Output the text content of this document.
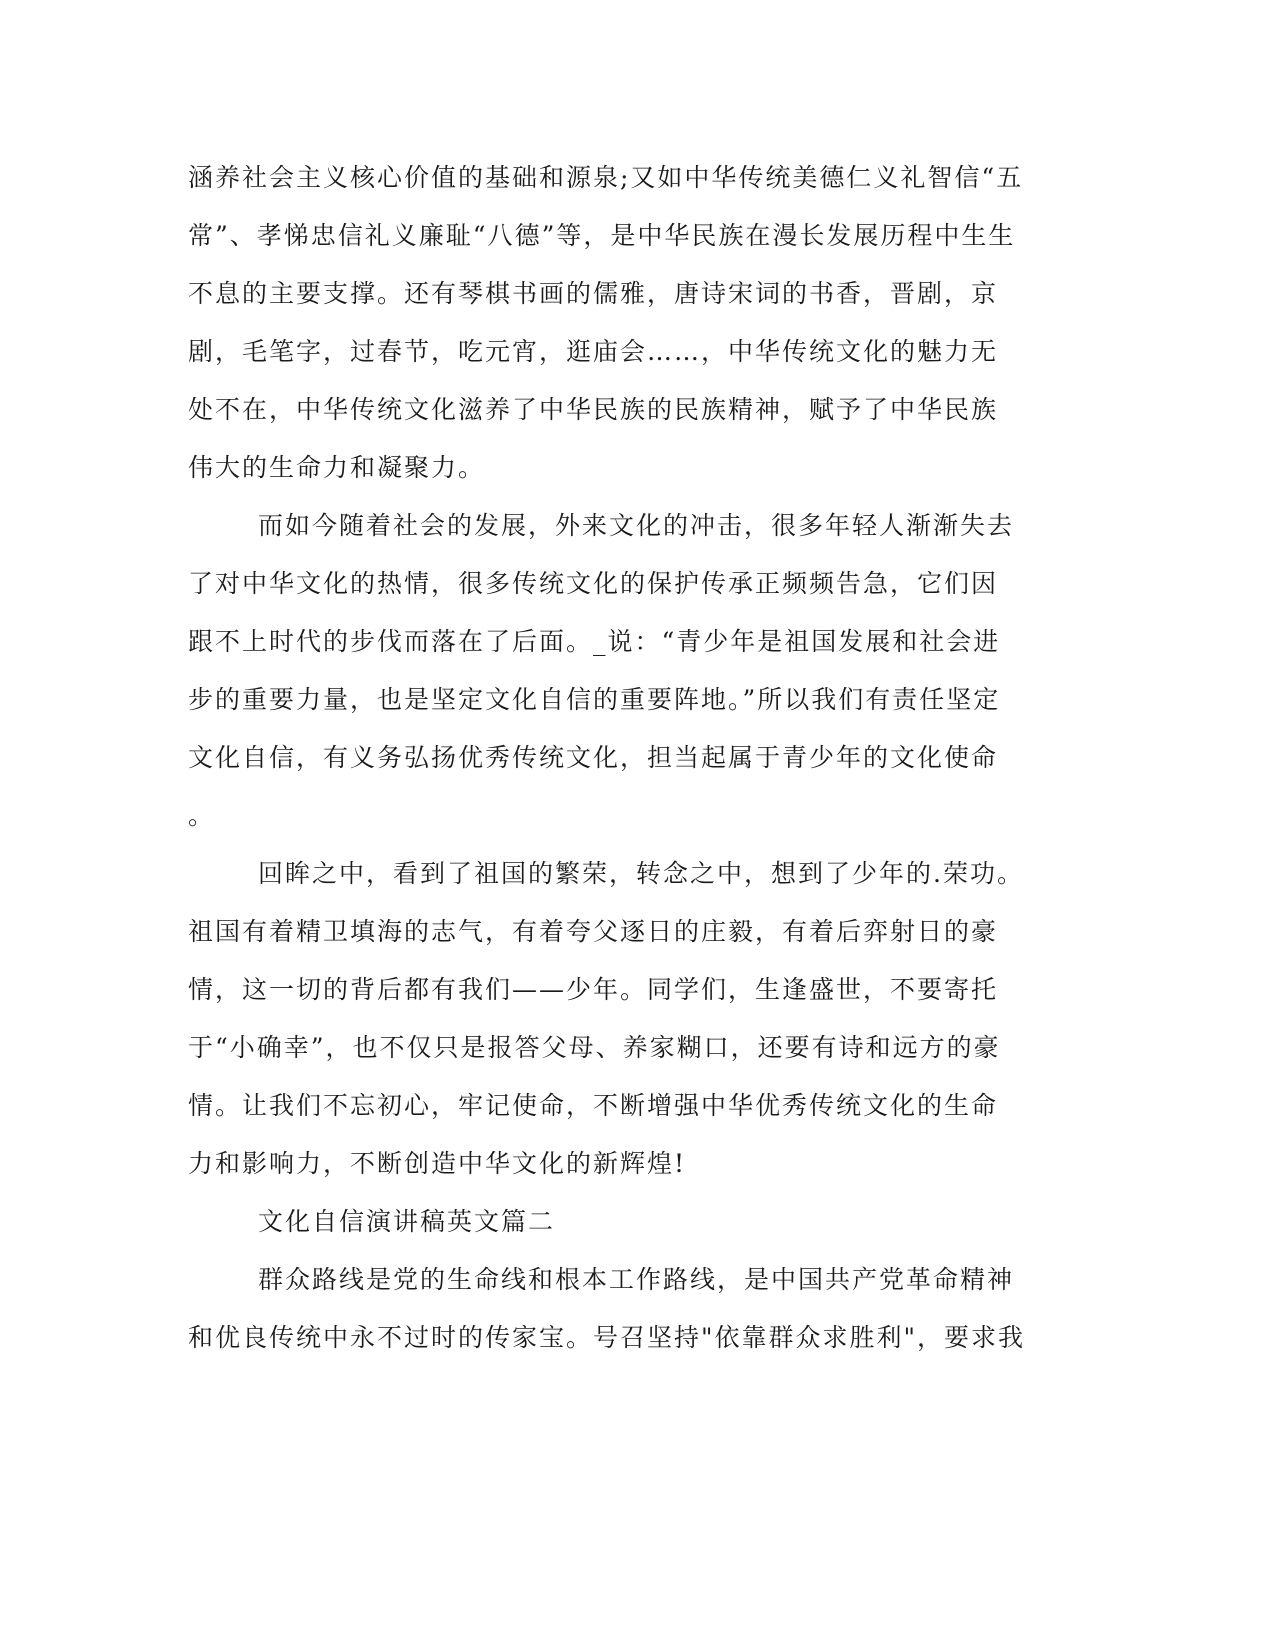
涵养社会主义核心价值的基础和源泉;又如中华传统美德仁义礼智信“五
常”、孝悌忠信礼义廉耻“八德”等，是中华民族在漫长发展历程中生生
不息的主要支撑。还有琴棋书画的儒雅，唐诗宋词的书香，晋剧，京
剧，毛笔字，过春节，吃元宵，逛庙会……，中华传统文化的魅力无
处不在，中华传统文化滋养了中华民族的民族精神，赋予了中华民族
伟大的生命力和凝聚力。
而如今随着社会的发展，外来文化的冲击，很多年轻人渐渐失去
了对中华文化的热情，很多传统文化的保护传承正频频告急，它们因
跟不上时代的步伐而落在了后面。_说：“青少年是祖国发展和社会进
步的重要力量，也是坚定文化自信的重要阵地。”所以我们有责任坚定
文化自信，有义务弘扬优秀传统文化，担当起属于青少年的文化使命
。
回眸之中，看到了祖国的繁荣，转念之中，想到了少年的.荣功。
祖国有着精卫填海的志气，有着夸父逐日的庄毅，有着后弈射日的豪
情，这一切的背后都有我们——少年。同学们，生逢盛世，不要寄托
于“小确幸”，也不仅只是报答父母、养家糊口，还要有诗和远方的豪
情。让我们不忘初心，牢记使命，不断增强中华优秀传统文化的生命
力和影响力，不断创造中华文化的新辉煌!
文化自信演讲稿英文篇二
群众路线是党的生命线和根本工作路线，是中国共产党革命精神
和优良传统中永不过时的传家宝。号召坚持"依靠群众求胜利"，要求我
